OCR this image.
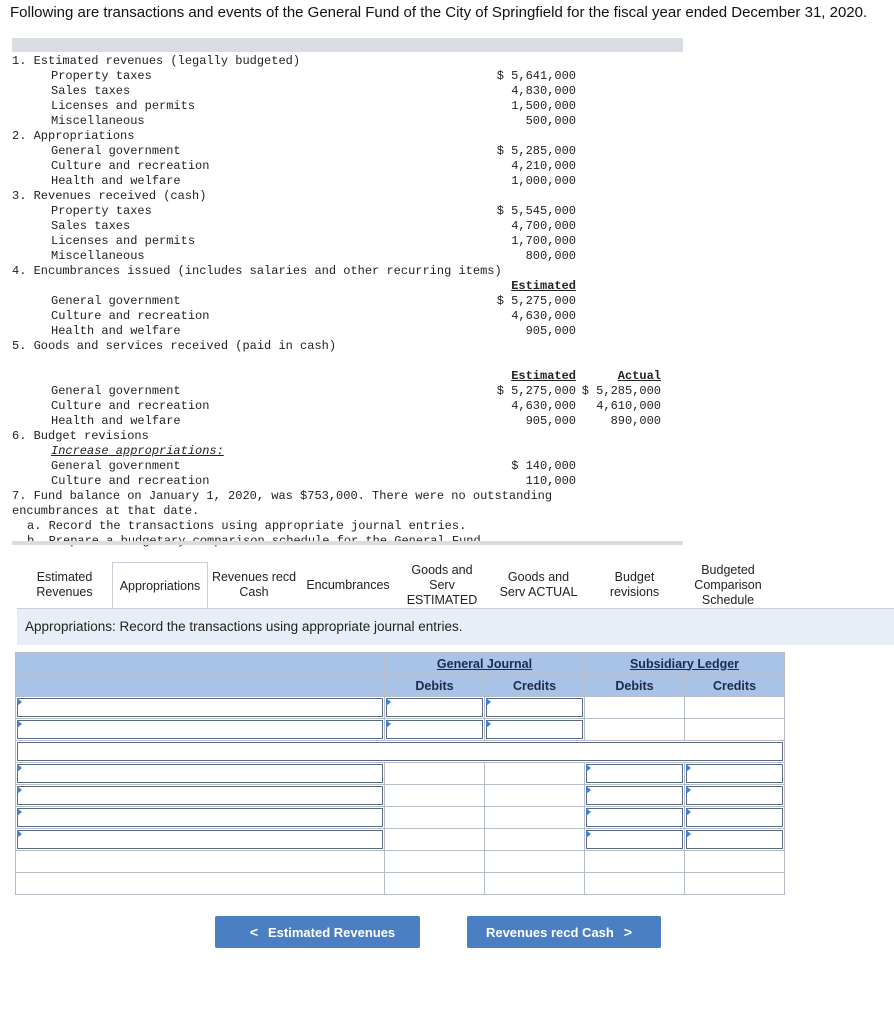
Following are transactions and events of the General Fund of the City of Springfield for the fiscal year ended December 31, 2020.
1. Estimated revenues (legally budgeted)
Property taxes	$ 5,641,000
Sales taxes	4,830,000
Licenses and permits	1,500,000
Miscellaneous	500,000
2. Appropriations
General government	$ 5,285,000
Culture and recreation	4,210,000
Health and welfare	1,000,000
3. Revenues received (cash)
Property taxes	$ 5,545,000
Sales taxes	4,700,000
Licenses and permits	1,700,000
Miscellaneous	800,000
4. Encumbrances issued (includes salaries and other recurring items)
Estimated
General government	$ 5,275,000
Culture and recreation	4,630,000
Health and welfare	905,000
5. Goods and services received (paid in cash)
Estimated	Actual
General government	$ 5,275,000 $ 5,285,000
Culture and recreation	4,630,000	4,610,000
Health and welfare	905,000	890,000
6. Budget revisions
Increase appropriations:
General government	$ 140,000
Culture and recreation	110,000
7. Fund balance on January 1, 2020, was $753,000. There were no outstanding
encumbrances at that date.
a. Record the transactions using appropriate journal entries.
Estimated
Revenues Appropriations
Revenues recd
Cash
Encumbrances
Goods and
Serv
ESTIMATED
Goods and
Serv ACTUAL
Budget
revisions
Budgeted
Comparison
Schedule
Appropriations: Record the transactions using appropriate journal entries.
	General Journal		Subsidiary Ledger	
	Debits	Credits	Debits	Credits

< Estimated Revenues	Revenues recd Cash >
